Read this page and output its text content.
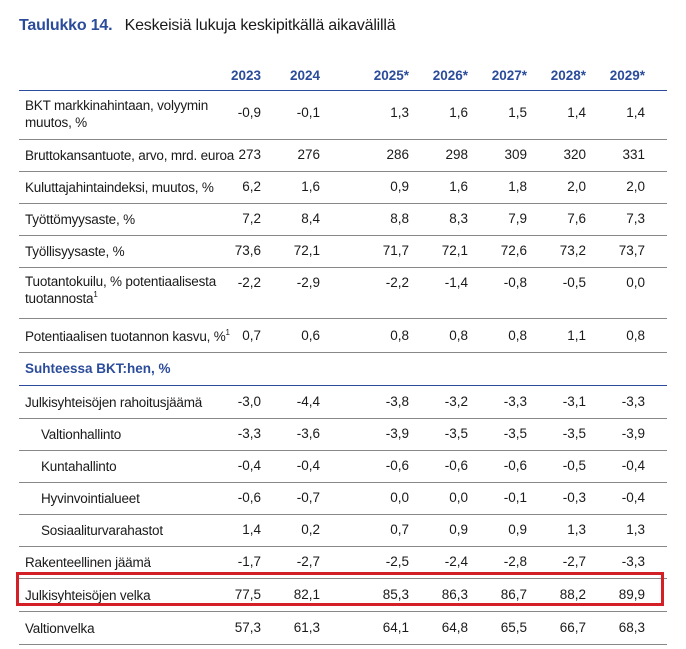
Taulukko 14. Keskeisiä lukuja keskipitkällä aikavälillä
2023	2024	2025*	2026*	2027*	2028*	2029*
BKT markkinahintaan, volyymin muutos, %
-0,9	-0,1	1,3	1,6	1,5	1,4	1,4
Bruttokansantuote, arvo, mrd. euroa 273	276	286	298	309	320	331
Kuluttajahintaindeksi, muutos, %	6,2	1,6	0,9	1,6	1,8	2,0	2,0
Työttömyysaste, %	7,2	8,4	8,8	8,3	7,9	7,6	7,3
Työllisyysaste, %	73,6	72,1	71,7	72,1	72,6	73,2	73,7
Tuotantokuilu, % potentiaalisesta
tuotannosta$^1$
-2,2	-2,9	-2,2	-1,4	-0,8	-0,5	0,0
Potentiaalisen tuotannon kasvu, %$^1$ 0,7	0,6	0,8	0,8	0,8	1,1	0,8
Suhteessa BKT:hen, %
Julkisyhteisöjen rahoitusjäämä	-3,0	-4,4	-3,8	-3,2	-3,3	-3,1	-3,3
Valtionhallinto	-3,3	-3,6	-3,9	-3,5	-3,5	-3,5	-3,9
Kuntahallinto	-0,4	-0,4	-0,6	-0,6	-0,6	-0,5	-0,4
Hyvinvointialueet	-0,6	-0,7	0,0	0,0	-0,1	-0,3	-0,4
Sosiaaliturvarahastot	1,4	0,2	0,7	0,9	0,9	1,3	1,3
Rakenteellinen jäämä	-1,7	-2,7	-2,5	-2,4	-2,8	-2,7	-3,3
Julkisyhteisöjen velka	77,5	82,1	85,3	86,3	86,7	88,2	89,9
Valtionvelka	57,3	61,3	64,1	64,8	65,5	66,7	68,3
